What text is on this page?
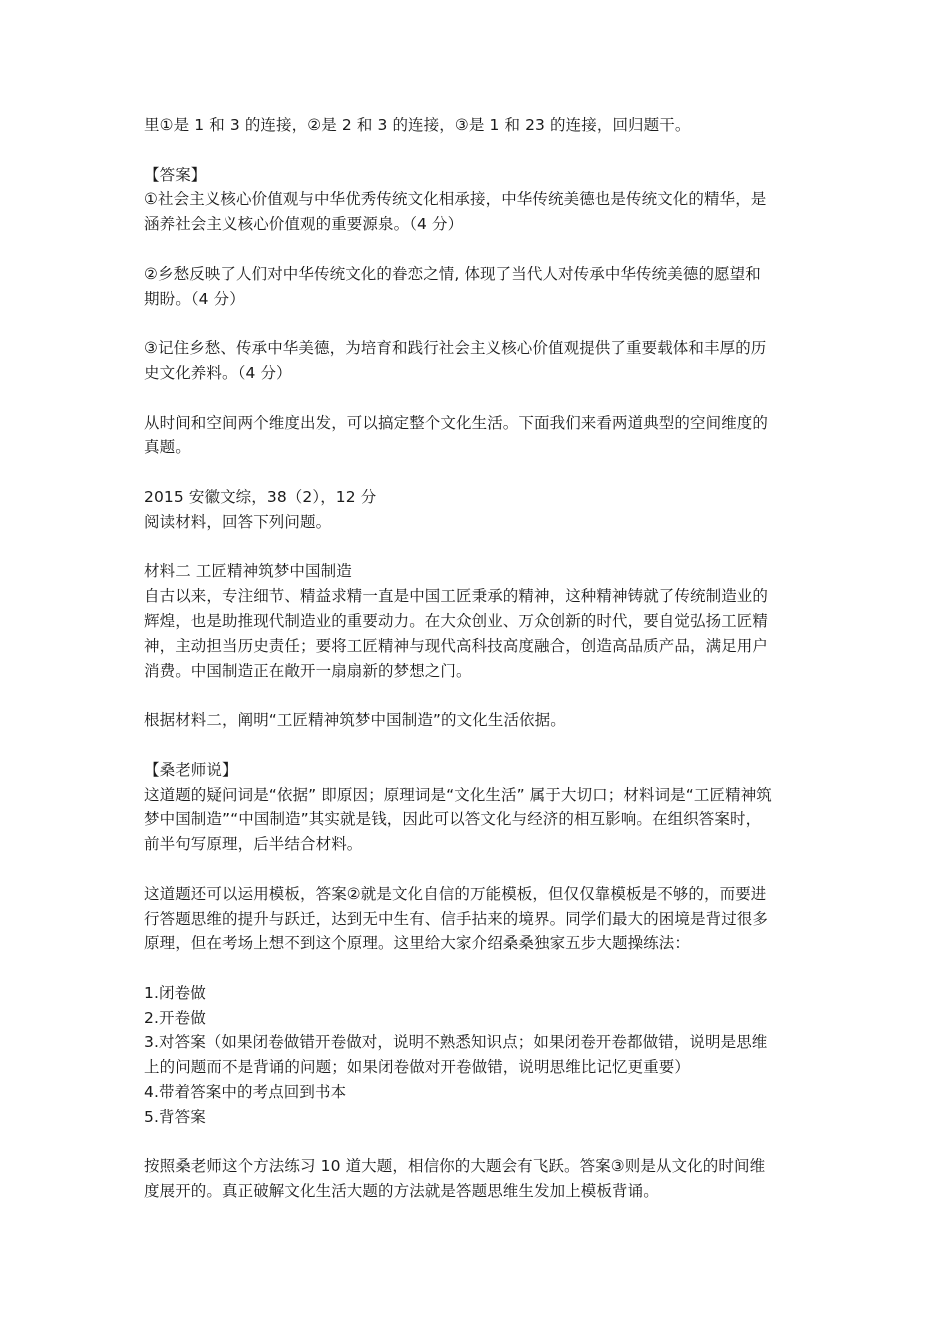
里①是 1 和 3 的连接，②是 2 和 3 的连接，③是 1 和 23 的连接，回归题干。

【答案】
①社会主义核心价值观与中华优秀传统文化相承接，中华传统美德也是传统文化的精华，是
涵养社会主义核心价值观的重要源泉。（4 分）

②乡愁反映了人们对中华传统文化的眷恋之情, 体现了当代人对传承中华传统美德的愿望和
期盼。（4 分）

③记住乡愁、传承中华美德，为培育和践行社会主义核心价值观提供了重要载体和丰厚的历
史文化养料。（4 分）

从时间和空间两个维度出发，可以搞定整个文化生活。下面我们来看两道典型的空间维度的
真题。

2015 安徽文综，38（2），12 分
阅读材料，回答下列问题。

材料二 工匠精神筑梦中国制造
自古以来，专注细节、精益求精一直是中国工匠秉承的精神，这种精神铸就了传统制造业的
辉煌，也是助推现代制造业的重要动力。在大众创业、万众创新的时代，要自觉弘扬工匠精
神，主动担当历史责任；要将工匠精神与现代高科技高度融合，创造高品质产品，满足用户
消费。中国制造正在敞开一扇扇新的梦想之门。

根据材料二，阐明“工匠精神筑梦中国制造”的文化生活依据。

【桑老师说】
这道题的疑问词是“依据” 即原因；原理词是“文化生活” 属于大切口；材料词是“工匠精神筑
梦中国制造”“中国制造”其实就是钱，因此可以答文化与经济的相互影响。在组织答案时，
前半句写原理，后半结合材料。

这道题还可以运用模板，答案②就是文化自信的万能模板，但仅仅靠模板是不够的，而要进
行答题思维的提升与跃迁，达到无中生有、信手拈来的境界。同学们最大的困境是背过很多
原理，但在考场上想不到这个原理。这里给大家介绍桑桑独家五步大题操练法：

1.闭卷做
2.开卷做
3.对答案（如果闭卷做错开卷做对，说明不熟悉知识点；如果闭卷开卷都做错，说明是思维
上的问题而不是背诵的问题；如果闭卷做对开卷做错，说明思维比记忆更重要）
4.带着答案中的考点回到书本
5.背答案

按照桑老师这个方法练习 10 道大题，相信你的大题会有飞跃。答案③则是从文化的时间维
度展开的。真正破解文化生活大题的方法就是答题思维生发加上模板背诵。
